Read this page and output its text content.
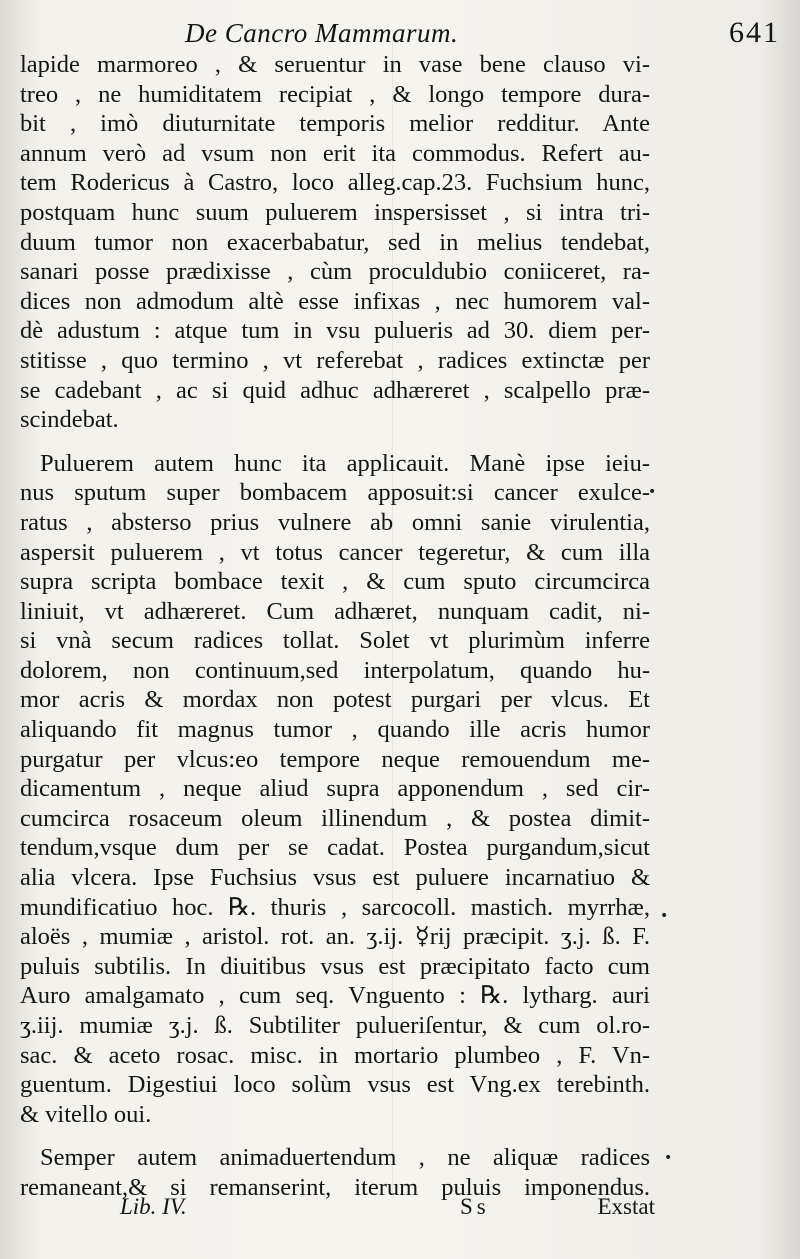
De Cancro Mammarum.	641
lapide marmoreo , & seruentur in vase bene clauso vi-
treo , ne humiditatem recipiat , & longo tempore dura-
bit , imò diuturnitate temporis melior redditur. Ante
annum verò ad vsum non erit ita commodus. Refert au-
tem Rodericus à Castro, loco alleg.cap.23. Fuchsium hunc,
postquam hunc suum puluerem inspersisset , si intra tri-
duum tumor non exacerbabatur, sed in melius tendebat,
sanari posse prædixisse , cùm proculdubio coniiceret, ra-
dices non admodum altè esse infixas , nec humorem val-
dè adustum : atque tum in vsu pulueris ad 30. diem per-
stitisse , quo termino , vt referebat , radices extinctæ per
se cadebant , ac si quid adhuc adhæreret , scalpello præ-
scindebat.
Puluerem autem hunc ita applicauit. Manè ipse ieiu-
nus sputum super bombacem apposuit:si cancer exulce-
ratus , absterso prius vulnere ab omni sanie virulentia,
aspersit puluerem , vt totus cancer tegeretur, & cum illa
supra scripta bombace texit , & cum sputo circumcirca
liniuit, vt adhæreret. Cum adhæret, nunquam cadit, ni-
si vnà secum radices tollat. Solet vt plurimùm inferre
dolorem, non continuum,sed interpolatum, quando hu-
mor acris & mordax non potest purgari per vlcus. Et
aliquando fit magnus tumor , quando ille acris humor
purgatur per vlcus:eo tempore neque remouendum me-
dicamentum , neque aliud supra apponendum , sed cir-
cumcirca rosaceum oleum illinendum , & postea dimit-
tendum,vsque dum per se cadat. Postea purgandum,sicut
alia vlcera. Ipse Fuchsius vsus est puluere incarnatiuo &
mundificatiuo hoc. ℞. thuris , sarcocoll. mastich. myrrhæ,
aloës , mumiæ , aristol. rot. an. ʒ.ij. ☿rij præcipit. ʒ.j. ß. F.
puluis subtilis. In diuitibus vsus est præcipitato facto cum
Auro amalgamato , cum seq. Vnguento : ℞. lytharg. auri
ʒ.iij. mumiæ ʒ.j. ß. Subtiliter pulueriſentur, & cum ol.ro-
sac. & aceto rosac. misc. in mortario plumbeo , F. Vn-
guentum. Digestiui loco solùm vsus est Vng.ex terebinth.
& vitello oui.
Semper autem animaduertendum , ne aliquæ radices
remaneant,& si remanserint, iterum puluis imponendus.
•
•
•
Lib. IV.	Ss	Exstat
